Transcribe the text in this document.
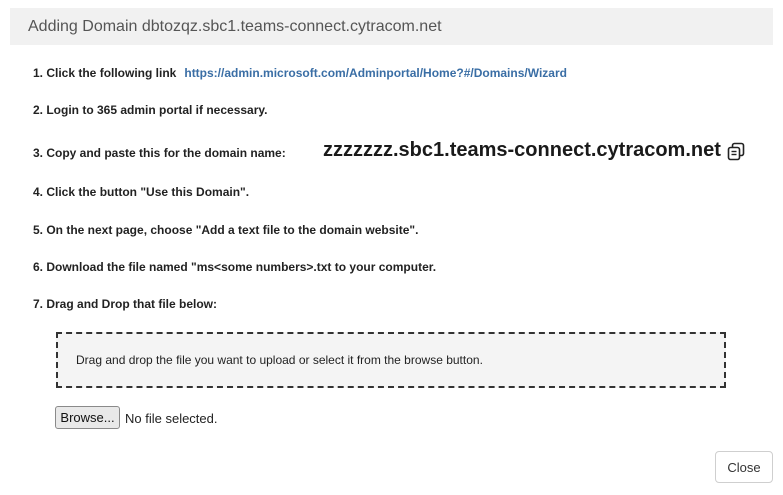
Adding Domain dbtozqz.sbc1.teams-connect.cytracom.net
1. Click the following link https://admin.microsoft.com/Adminportal/Home?#/Domains/Wizard
2. Login to 365 admin portal if necessary.
3. Copy and paste this for the domain name: zzzzzzz.sbc1.teams-connect.cytracom.net
4. Click the button "Use this Domain".
5. On the next page, choose "Add a text file to the domain website".
6. Download the file named "ms<some numbers>.txt to your computer.
7. Drag and Drop that file below:
Drag and drop the file you want to upload or select it from the browse button.
Browse... No file selected.
Close
